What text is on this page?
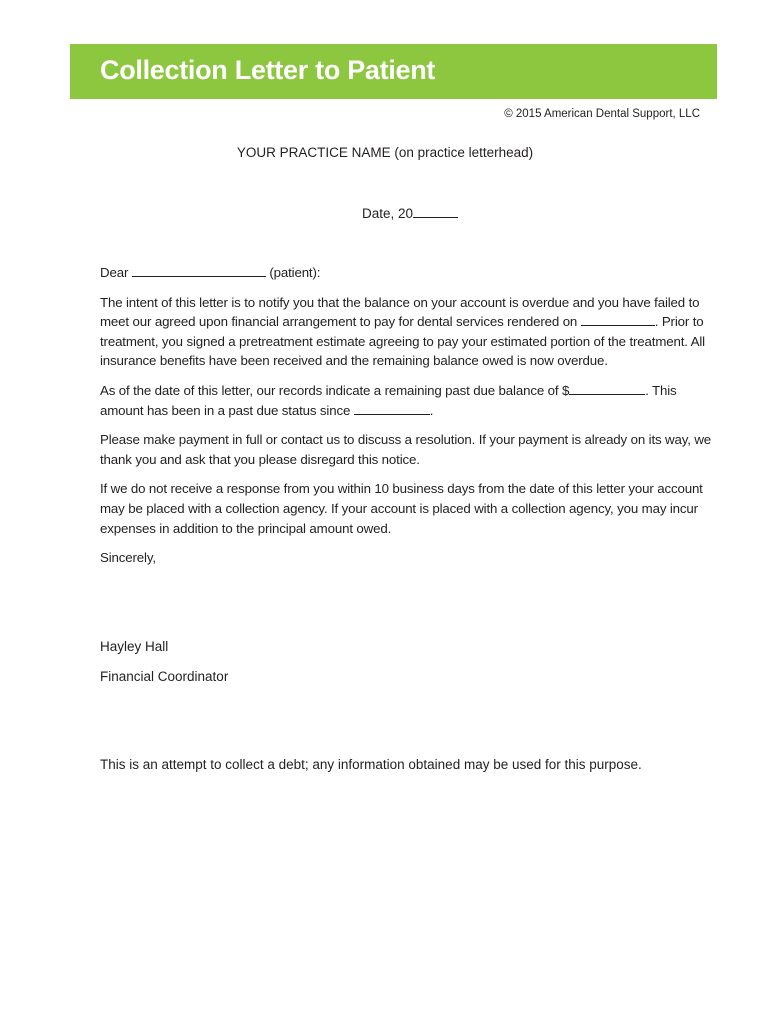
Collection Letter to Patient
© 2015 American Dental Support, LLC
YOUR PRACTICE NAME (on practice letterhead)
Date, 20

Dear	(patient):

The intent of this letter is to notify you that the balance on your account is overdue and you have failed to meet our agreed upon financial arrangement to pay for dental services rendered on	. Prior to treatment, you signed a pretreatment estimate agreeing to pay your estimated portion of the treatment. All insurance benefits have been received and the remaining balance owed is now overdue.

As of the date of this letter, our records indicate a remaining past due balance of $	. This amount has been in a past due status since	.

Please make payment in full or contact us to discuss a resolution. If your payment is already on its way, we thank you and ask that you please disregard this notice.

If we do not receive a response from you within 10 business days from the date of this letter your account may be placed with a collection agency. If your account is placed with a collection agency, you may incur expenses in addition to the principal amount owed.

Sincerely,

Hayley Hall

Financial Coordinator

This is an attempt to collect a debt; any information obtained may be used for this purpose.
